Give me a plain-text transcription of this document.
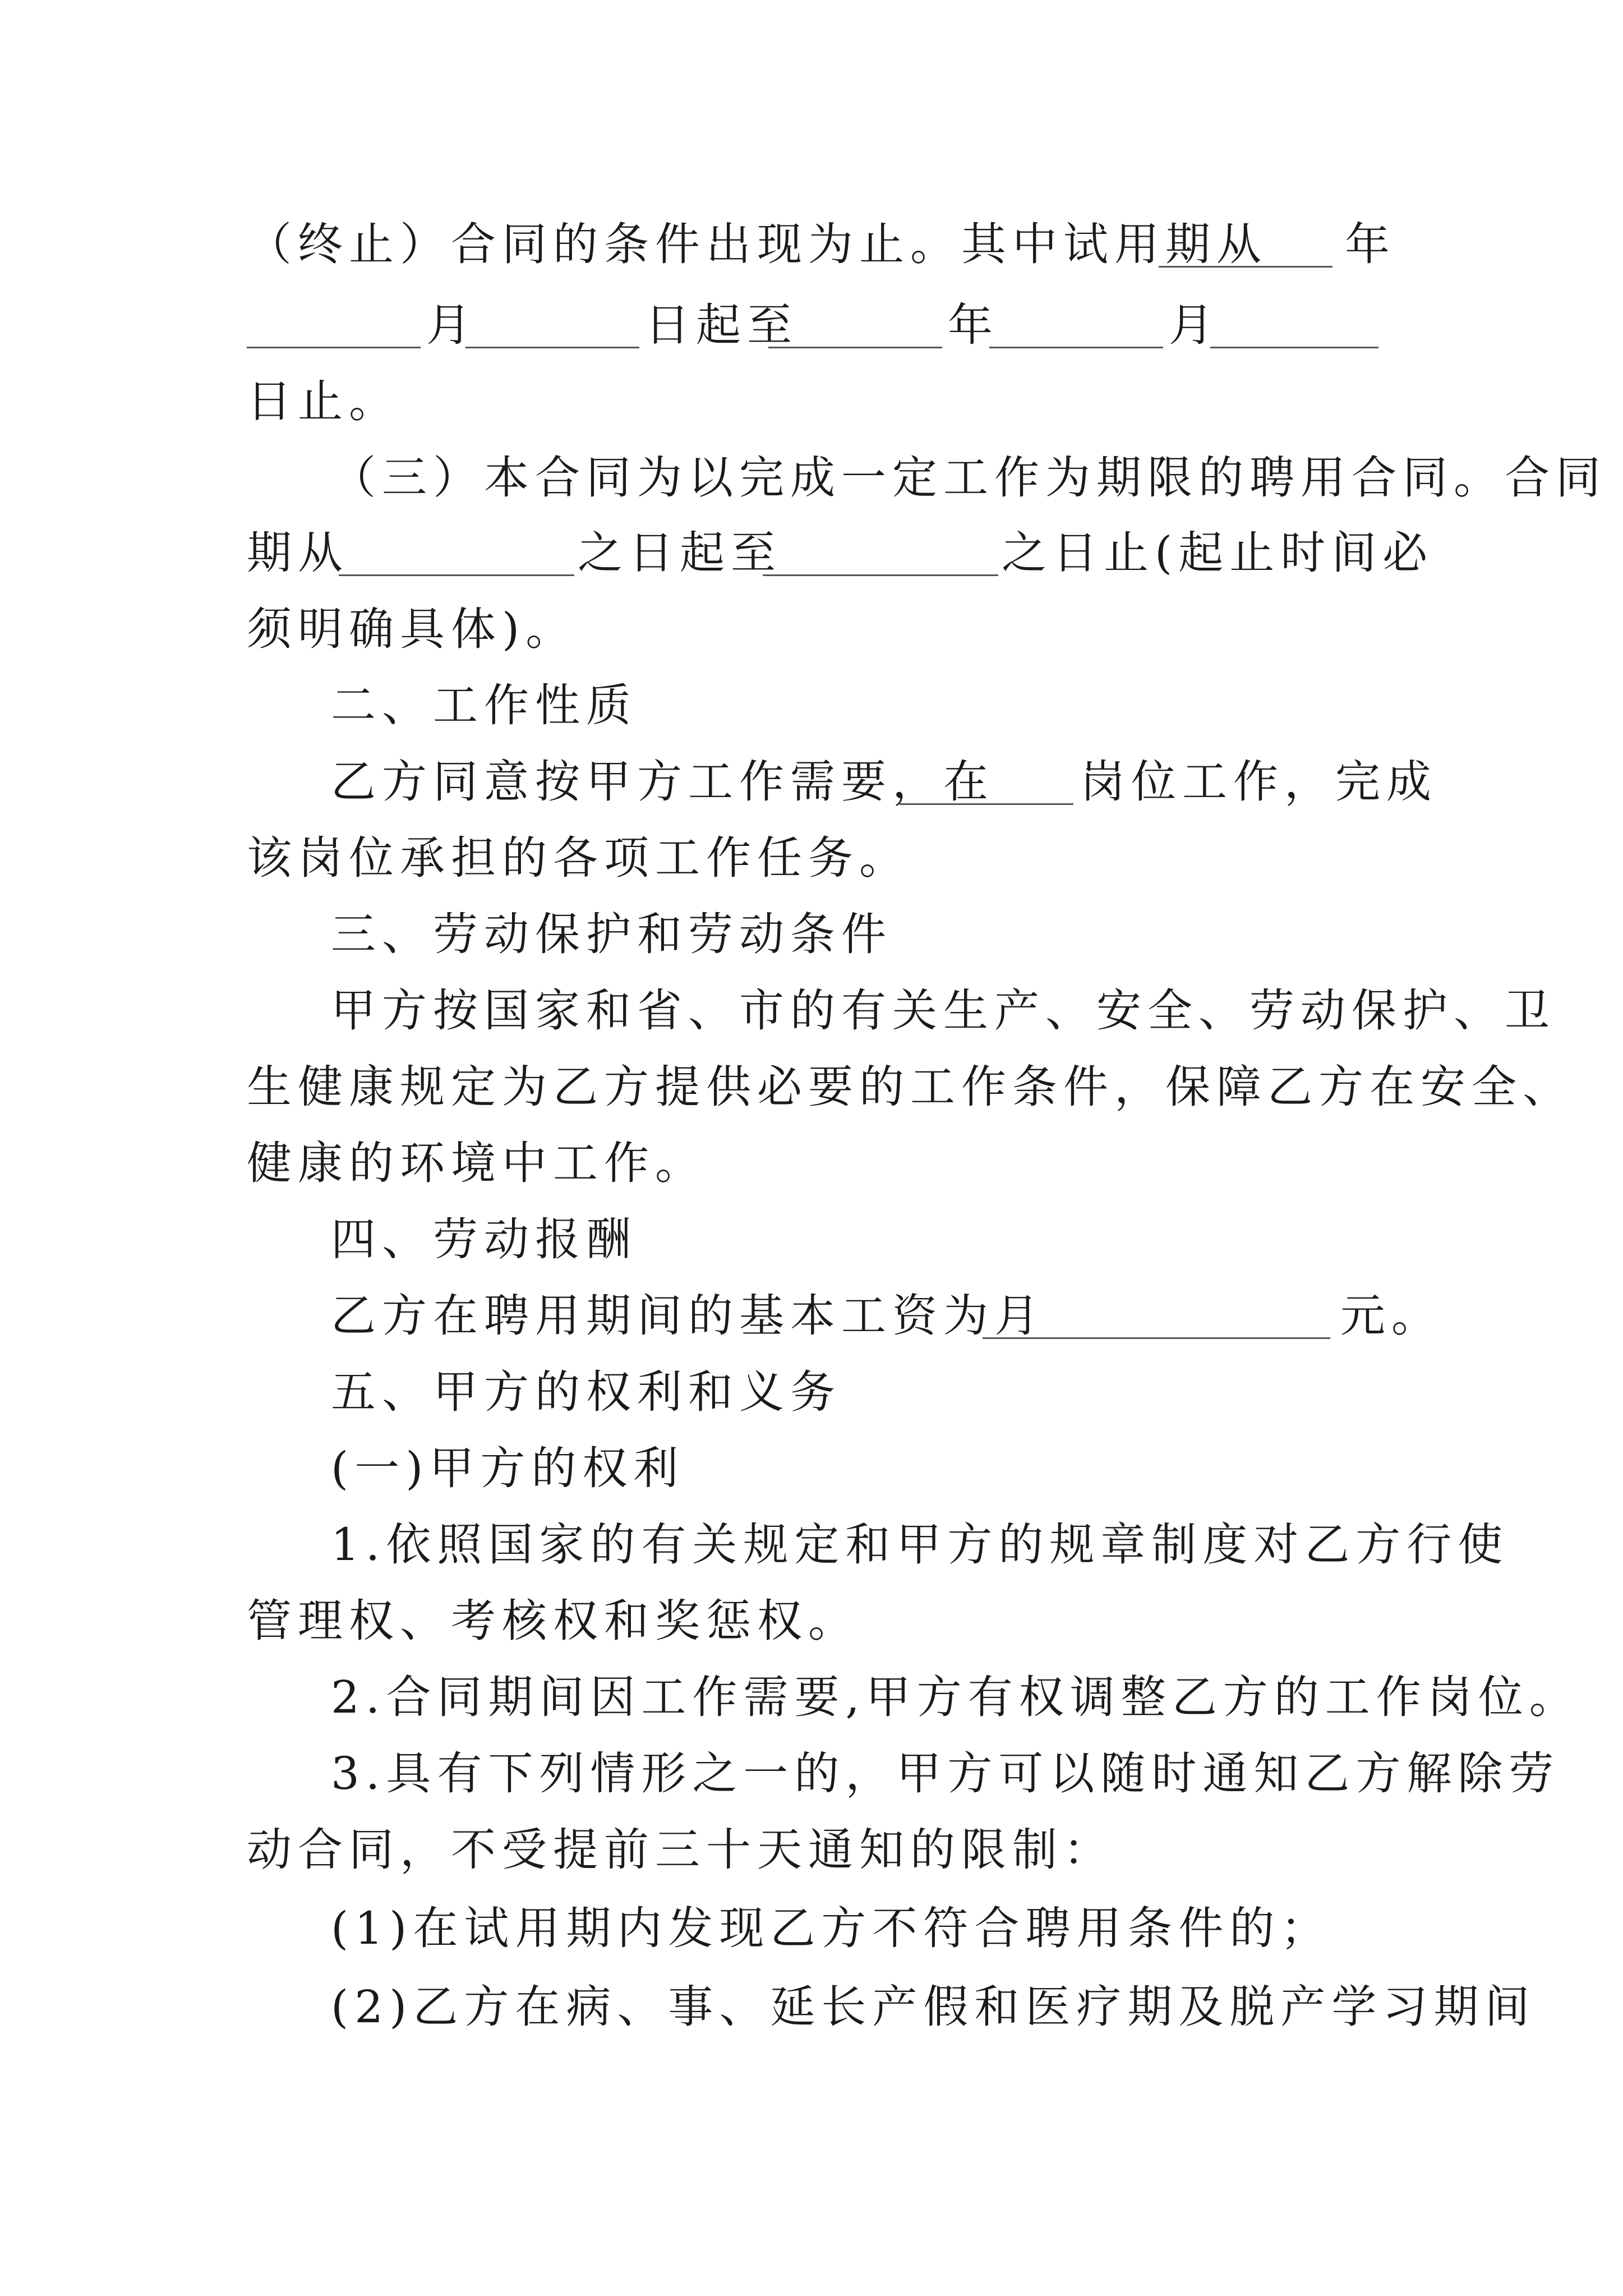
（终止）合同的条件出现为止。其中试用期从 年
月	日起至	年	月
日止。
（三）本合同为以完成一定工作为期限的聘用合同。合同
期从	之日起至	之日止(起止时间必
须明确具体)。
二、工作性质
乙方同意按甲方工作需要，在 岗位工作，完成
该岗位承担的各项工作任务。
三、劳动保护和劳动条件
甲方按国家和省、市的有关生产、安全、劳动保护、卫
生健康规定为乙方提供必要的工作条件，保障乙方在安全、
健康的环境中工作。
四、劳动报酬
乙方在聘用期间的基本工资为月	元。
五、甲方的权利和义务
(一)甲方的权利
1.依照国家的有关规定和甲方的规章制度对乙方行使
管理权、考核权和奖惩权。
2.合同期间因工作需要,甲方有权调整乙方的工作岗位。
3.具有下列情形之一的，甲方可以随时通知乙方解除劳
动合同，不受提前三十天通知的限制：
(1)在试用期内发现乙方不符合聘用条件的；
(2)乙方在病、事、延长产假和医疗期及脱产学习期间
